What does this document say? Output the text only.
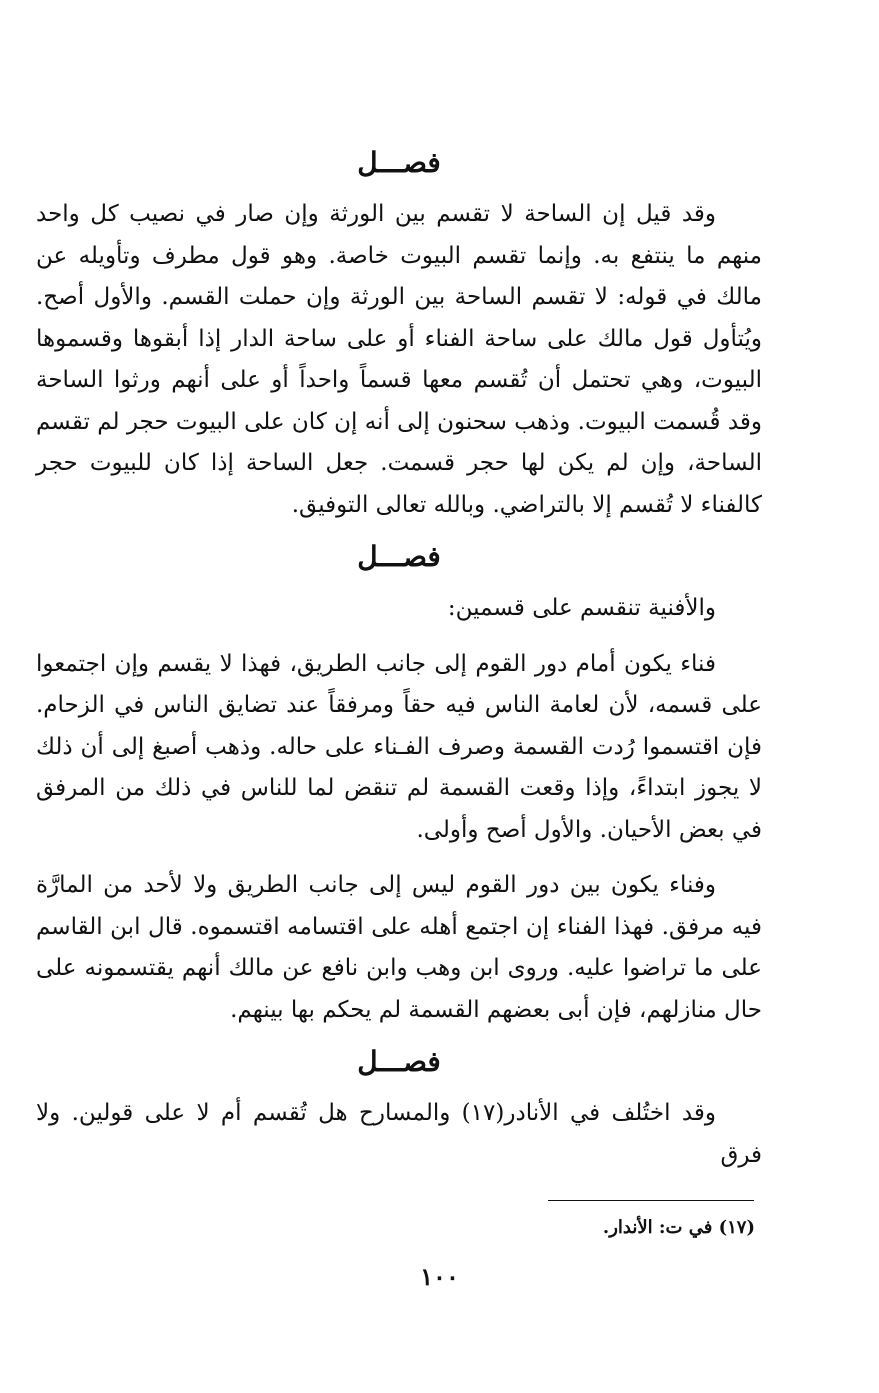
فصـــل

وقد قيل إن الساحة لا تقسم بين الورثة وإن صار في نصيب كل واحد منهم ما ينتفع به. وإنما تقسم البيوت خاصة. وهو قول مطرف وتأويله عن مالك في قوله: لا تقسم الساحة بين الورثة وإن حملت القسم. والأول أصح. ويُتأول قول مالك على ساحة الفناء أو على ساحة الدار إذا أبقوها وقسموها البيوت، وهي تحتمل أن تُقسم معها قسماً واحداً أو على أنهم ورثوا الساحة وقد قُسمت البيوت. وذهب سحنون إلى أنه إن كان على البيوت حجر لم تقسم الساحة، وإن لم يكن لها حجر قسمت. جعل الساحة إذا كان للبيوت حجر كالفناء لا تُقسم إلا بالتراضي. وبالله تعالى التوفيق.

فصـــل

والأفنية تنقسم على قسمين:

فناء يكون أمام دور القوم إلى جانب الطريق، فهذا لا يقسم وإن اجتمعوا على قسمه، لأن لعامة الناس فيه حقاً ومرفقاً عند تضايق الناس في الزحام. فإن اقتسموا رُدت القسمة وصرف الفـناء على حاله. وذهب أصبغ إلى أن ذلك لا يجوز ابتداءً، وإذا وقعت القسمة لم تنقض لما للناس في ذلك من المرفق في بعض الأحيان. والأول أصح وأولى.

وفناء يكون بين دور القوم ليس إلى جانب الطريق ولا لأحد من المارَّة فيه مرفق. فهذا الفناء إن اجتمع أهله على اقتسامه اقتسموه. قال ابن القاسم على ما تراضوا عليه. وروى ابن وهب وابن نافع عن مالك أنهم يقتسمونه على حال منازلهم، فإن أبى بعضهم القسمة لم يحكم بها بينهم.

فصـــل

وقد اختُلف في الأنادر(١٧) والمسارح هل تُقسم أم لا على قولين. ولا فرق

(١٧) في ت: الأندار.
١٠٠
